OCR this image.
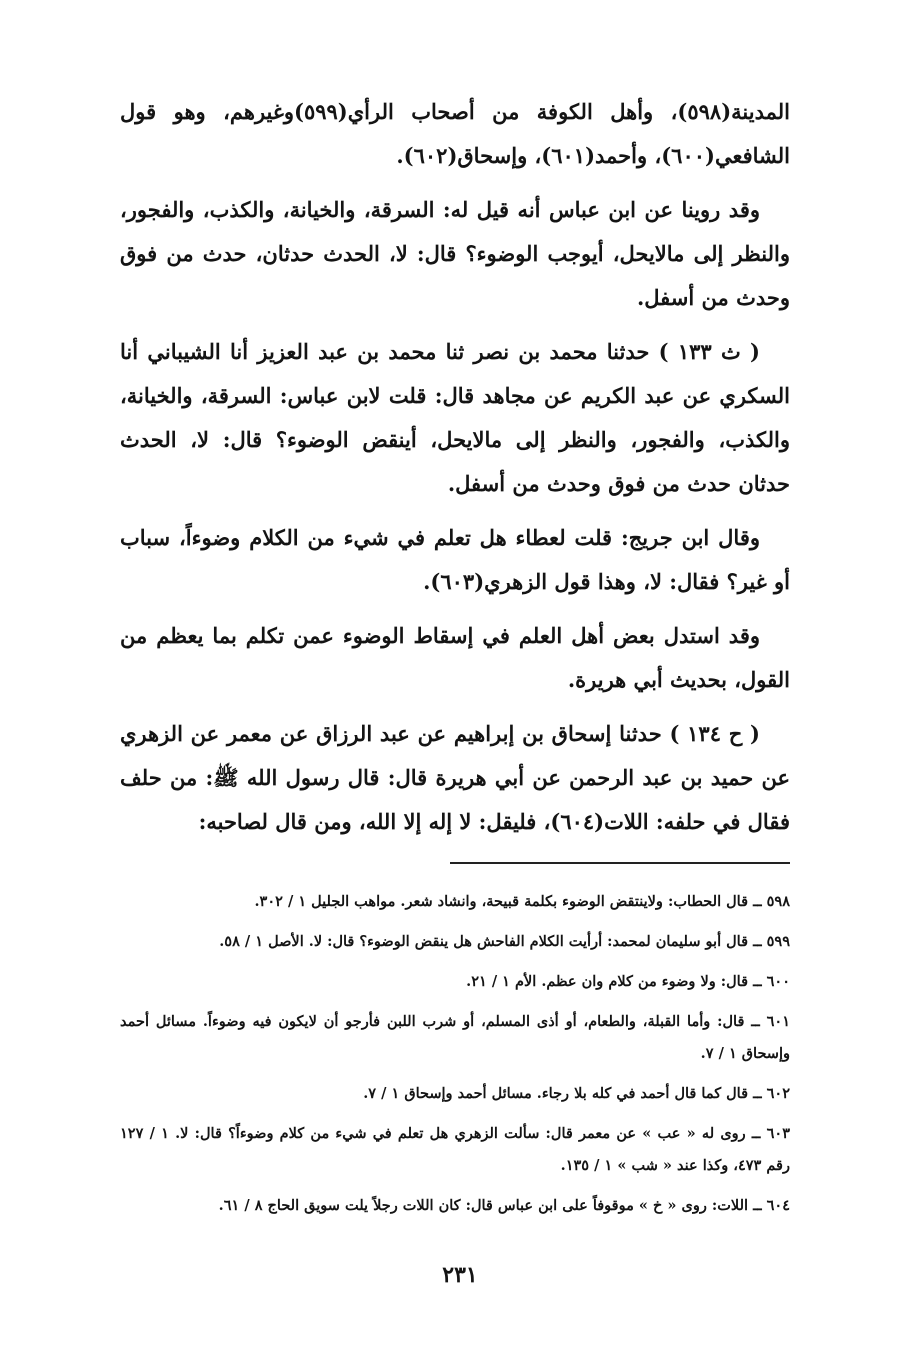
المدينة(٥٩٨)، وأهل الكوفة من أصحاب الرأي(٥٩٩)وغيرهم، وهو قول الشافعي(٦٠٠)، وأحمد(٦٠١)، وإسحاق(٦٠٢).

وقد روينا عن ابن عباس أنه قيل له: السرقة، والخيانة، والكذب، والفجور، والنظر إلى مالايحل، أيوجب الوضوء؟ قال: لا، الحدث حدثان، حدث من فوق وحدث من أسفل.

( ث ١٣٣ ) حدثنا محمد بن نصر ثنا محمد بن عبد العزيز أنا الشيباني أنا السكري عن عبد الكريم عن مجاهد قال: قلت لابن عباس: السرقة، والخيانة، والكذب، والفجور، والنظر إلى مالايحل، أينقض الوضوء؟ قال: لا، الحدث حدثان حدث من فوق وحدث من أسفل.

وقال ابن جريج: قلت لعطاء هل تعلم في شيء من الكلام وضوءاً، سباب أو غير؟ فقال: لا، وهذا قول الزهري(٦٠٣).

وقد استدل بعض أهل العلم في إسقاط الوضوء عمن تكلم بما يعظم من القول، بحديث أبي هريرة.

( ح ١٣٤ ) حدثنا إسحاق بن إبراهيم عن عبد الرزاق عن معمر عن الزهري عن حميد بن عبد الرحمن عن أبي هريرة قال: قال رسول الله ﷺ: من حلف فقال في حلفه: اللات(٦٠٤)، فليقل: لا إله إلا الله، ومن قال لصاحبه:

٥٩٨ ــ قال الحطاب: ولاينتقض الوضوء بكلمة قبيحة، وانشاد شعر. مواهب الجليل ١ / ٣٠٢.

٥٩٩ ــ قال أبو سليمان لمحمد: أرأيت الكلام الفاحش هل ينقض الوضوء؟ قال: لا. الأصل ١ / ٥٨.

٦٠٠ ــ قال: ولا وضوء من كلام وان عظم. الأم ١ / ٢١.

٦٠١ ــ قال: وأما القبلة، والطعام، أو أذى المسلم، أو شرب اللبن فأرجو أن لايكون فيه وضوءاً. مسائل أحمد وإسحاق ١ / ٧.

٦٠٢ ــ قال كما قال أحمد في كله بلا رجاء. مسائل أحمد وإسحاق ١ / ٧.

٦٠٣ ــ روى له « عب » عن معمر قال: سألت الزهري هل تعلم في شيء من كلام وضوءاً؟ قال: لا. ١ / ١٢٧ رقم ٤٧٣، وكذا عند « شب » ١ / ١٣٥.

٦٠٤ ــ اللات: روى « خ » موقوفاً على ابن عباس قال: كان اللات رجلاً يلت سويق الحاج ٨ / ٦١.

٢٣١
